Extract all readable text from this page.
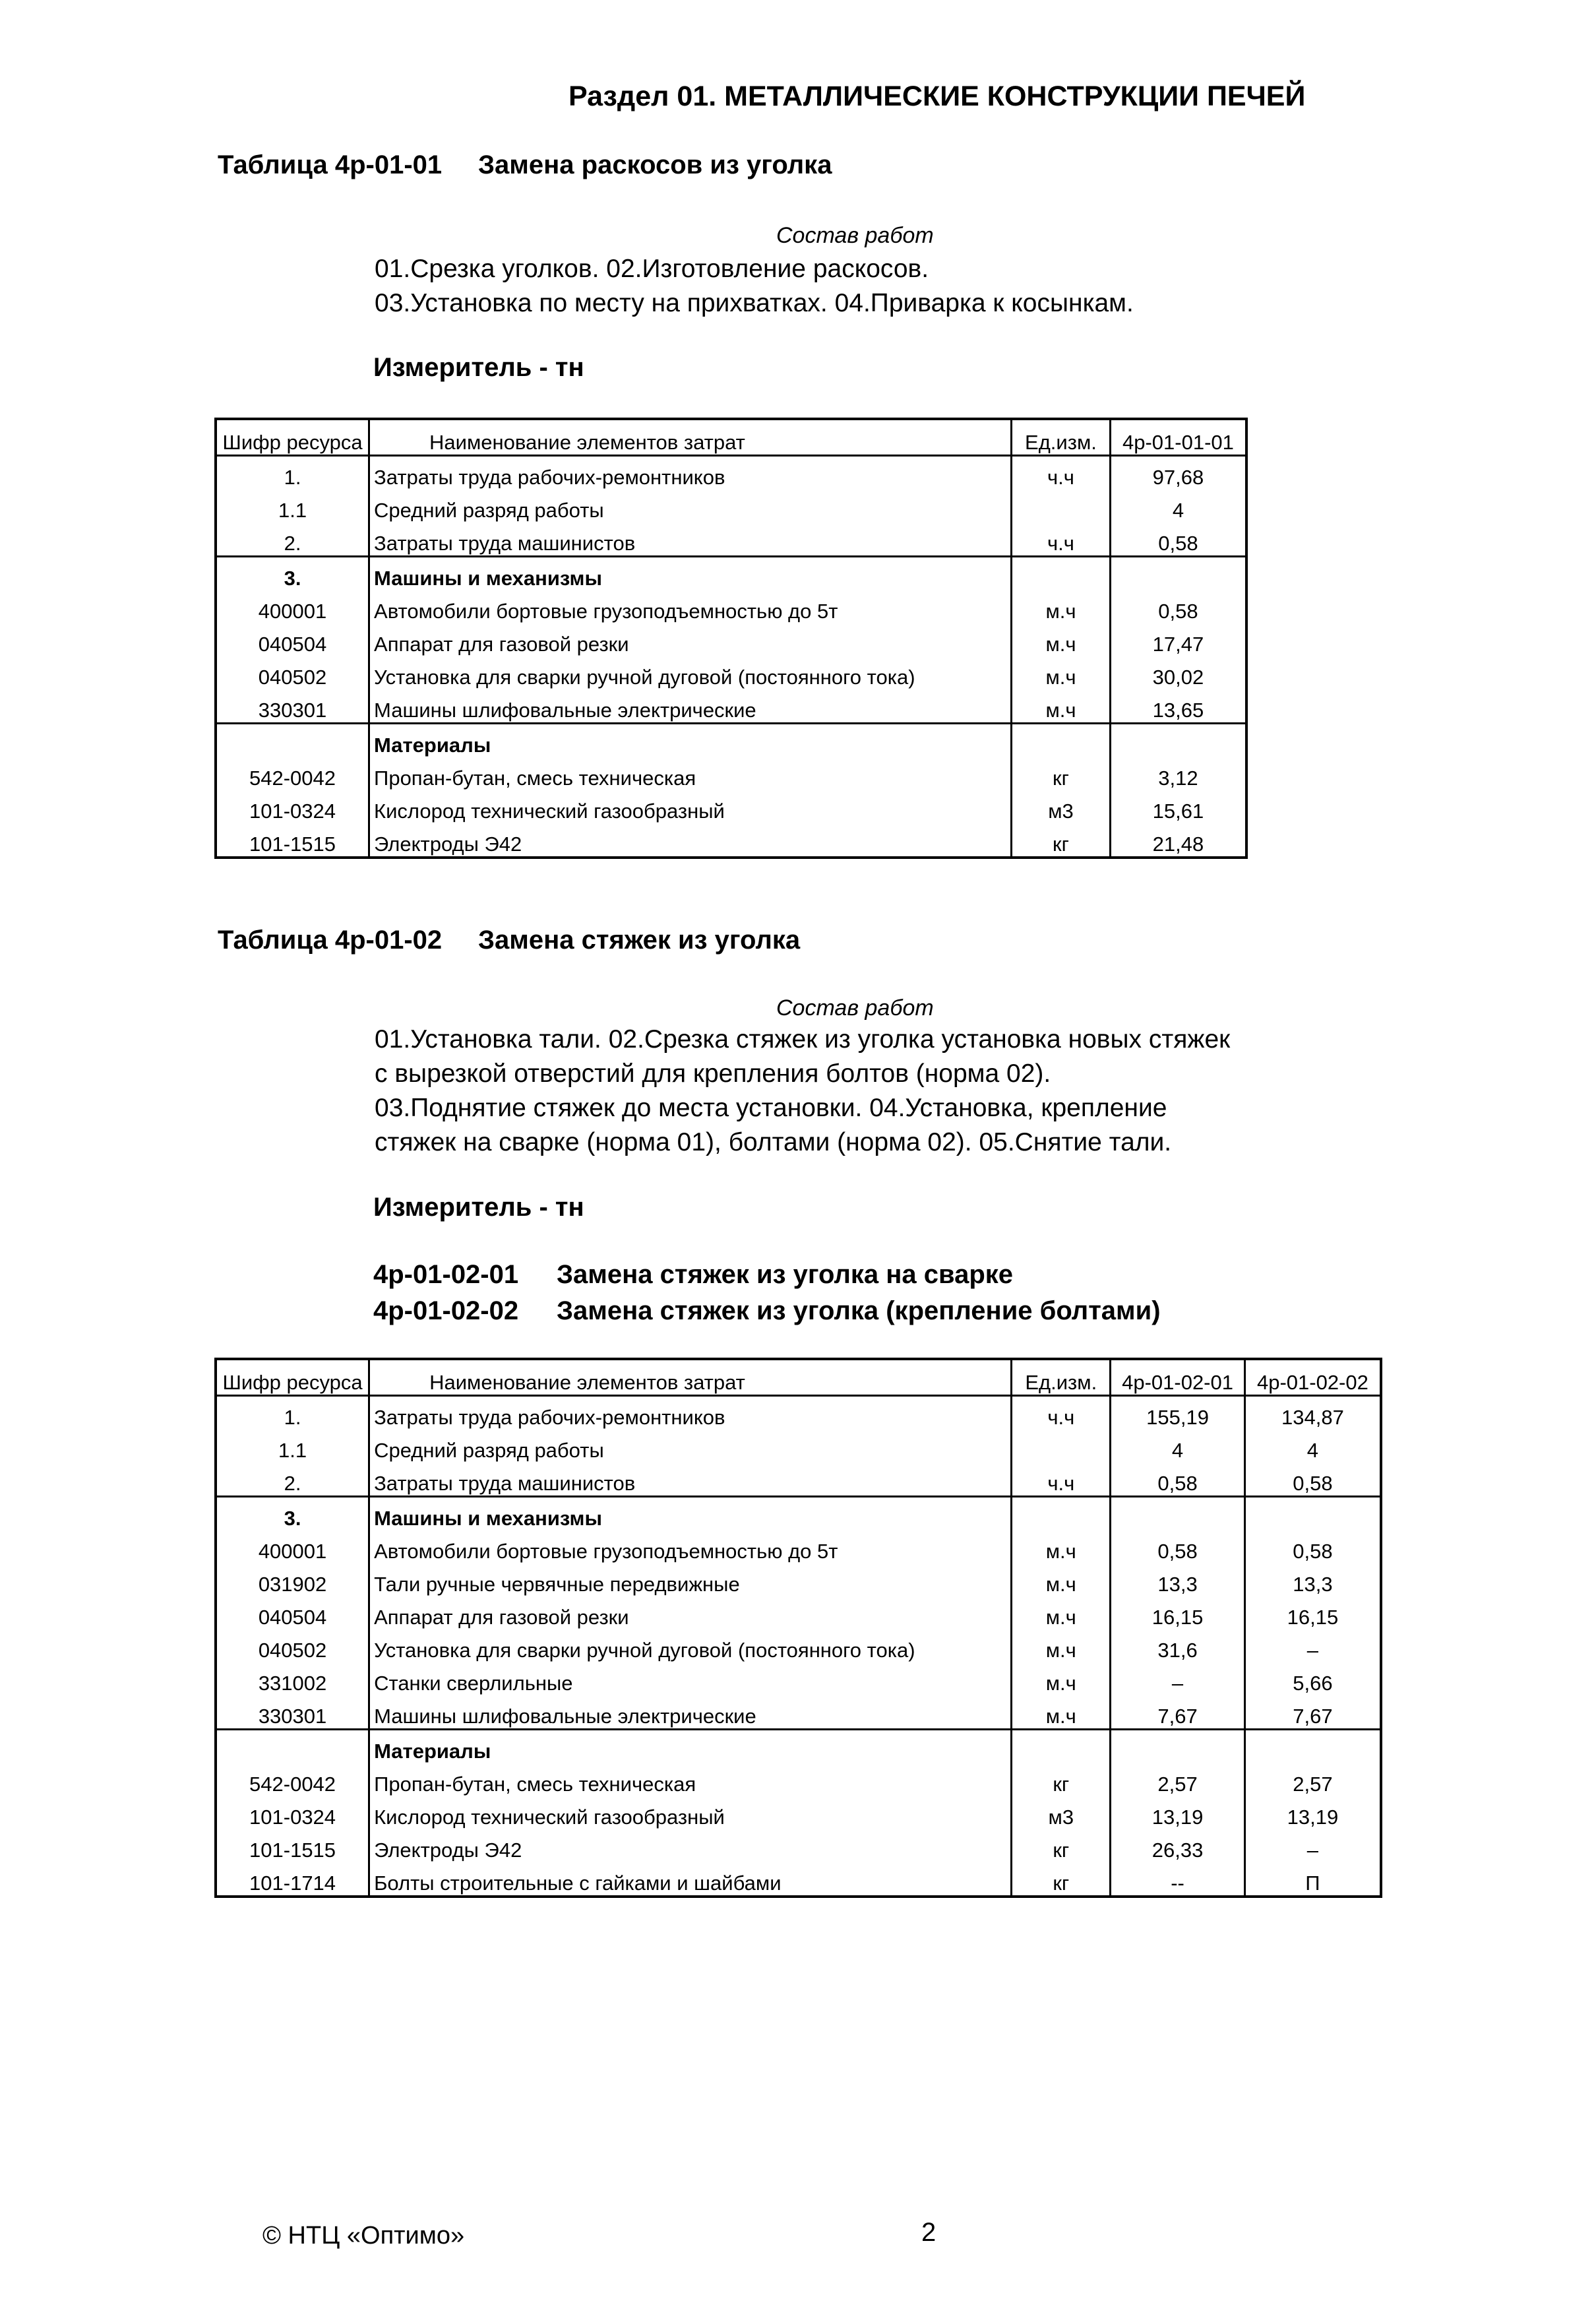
Раздел 01. МЕТАЛЛИЧЕСКИЕ КОНСТРУКЦИИ ПЕЧЕЙ
Таблица 4р-01-01 Замена раскосов из уголка
Состав работ
01.Срезка уголков. 02.Изготовление раскосов.
03.Установка по месту на прихватках. 04.Приварка к косынкам.
Измеритель - тн
Шифр ресурса	Наименование элементов затрат	Ед.изм.	4р-01-01-01
1.	Затраты труда рабочих-ремонтников	ч.ч	97,68
1.1	Средний разряд работы		4
2.	Затраты труда машинистов	ч.ч	0,58
3.	Машины и механизмы		
400001	Автомобили бортовые грузоподъемностью до 5т	м.ч	0,58
040504	Аппарат для газовой резки	м.ч	17,47
040502	Установка для сварки ручной дуговой (постоянного тока)	м.ч	30,02
330301	Машины шлифовальные электрические	м.ч	13,65
	Материалы		
542-0042	Пропан-бутан, смесь техническая	кг	3,12
101-0324	Кислород технический газообразный	м3	15,61
101-1515	Электроды Э42	кг	21,48
Таблица 4р-01-02 Замена стяжек из уголка
Состав работ
01.Установка тали. 02.Срезка стяжек из уголка установка новых стяжек
с вырезкой отверстий для крепления болтов (норма 02).
03.Поднятие стяжек до места установки. 04.Установка, крепление
стяжек на сварке (норма 01), болтами (норма 02). 05.Снятие тали.
Измеритель - тн
4р-01-02-01 Замена стяжек из уголка на сварке
4р-01-02-02 Замена стяжек из уголка (крепление болтами)
Шифр ресурса	Наименование элементов затрат	Ед.изм.	4р-01-02-01	4р-01-02-02
1.	Затраты труда рабочих-ремонтников	ч.ч	155,19	134,87
1.1	Средний разряд работы		4	4
2.	Затраты труда машинистов	ч.ч	0,58	0,58
3.	Машины и механизмы			
400001	Автомобили бортовые грузоподъемностью до 5т	м.ч	0,58	0,58
031902	Тали ручные червячные передвижные	м.ч	13,3	13,3
040504	Аппарат для газовой резки	м.ч	16,15	16,15
040502	Установка для сварки ручной дуговой (постоянного тока)	м.ч	31,6	–
331002	Станки сверлильные	м.ч	–	5,66
330301	Машины шлифовальные электрические	м.ч	7,67	7,67
	Материалы			
542-0042	Пропан-бутан, смесь техническая	кг	2,57	2,57
101-0324	Кислород технический газообразный	м3	13,19	13,19
101-1515	Электроды Э42	кг	26,33	–
101-1714	Болты строительные с гайками и шайбами	кг	--	П
© НТЦ «Оптимо»	2
